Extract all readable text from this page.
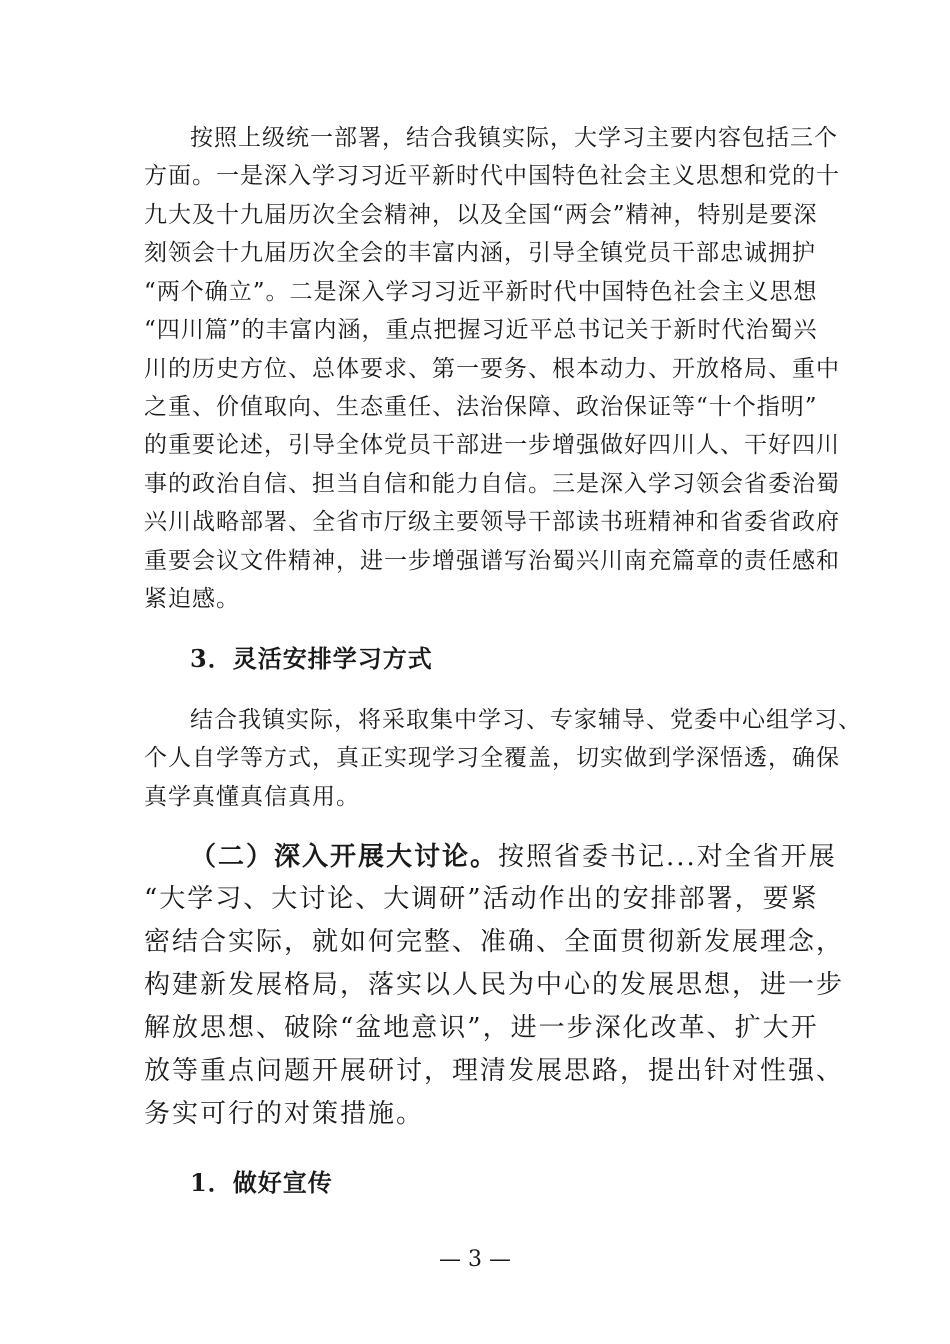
按照上级统一部署，结合我镇实际，大学习主要内容包括三个
方面。一是深入学习习近平新时代中国特色社会主义思想和党的十
九大及十九届历次全会精神，以及全国“两会”精神，特别是要深
刻领会十九届历次全会的丰富内涵，引导全镇党员干部忠诚拥护
“两个确立”。二是深入学习习近平新时代中国特色社会主义思想
“四川篇”的丰富内涵，重点把握习近平总书记关于新时代治蜀兴
川的历史方位、总体要求、第一要务、根本动力、开放格局、重中
之重、价值取向、生态重任、法治保障、政治保证等“十个指明”
的重要论述，引导全体党员干部进一步增强做好四川人、干好四川
事的政治自信、担当自信和能力自信。三是深入学习领会省委治蜀
兴川战略部署、全省市厅级主要领导干部读书班精神和省委省政府
重要会议文件精神，进一步增强谱写治蜀兴川南充篇章的责任感和
紧迫感。
3．灵活安排学习方式
结合我镇实际，将采取集中学习、专家辅导、党委中心组学习、
个人自学等方式，真正实现学习全覆盖，切实做到学深悟透，确保
真学真懂真信真用。
（二）深入开展大讨论。按照省委书记...对全省开展
“大学习、大讨论、大调研”活动作出的安排部署，要紧
密结合实际，就如何完整、准确、全面贯彻新发展理念，
构建新发展格局，落实以人民为中心的发展思想，进一步
解放思想、破除“盆地意识”，进一步深化改革、扩大开
放等重点问题开展研讨，理清发展思路，提出针对性强、
务实可行的对策措施。
1．做好宣传
— 3 —
